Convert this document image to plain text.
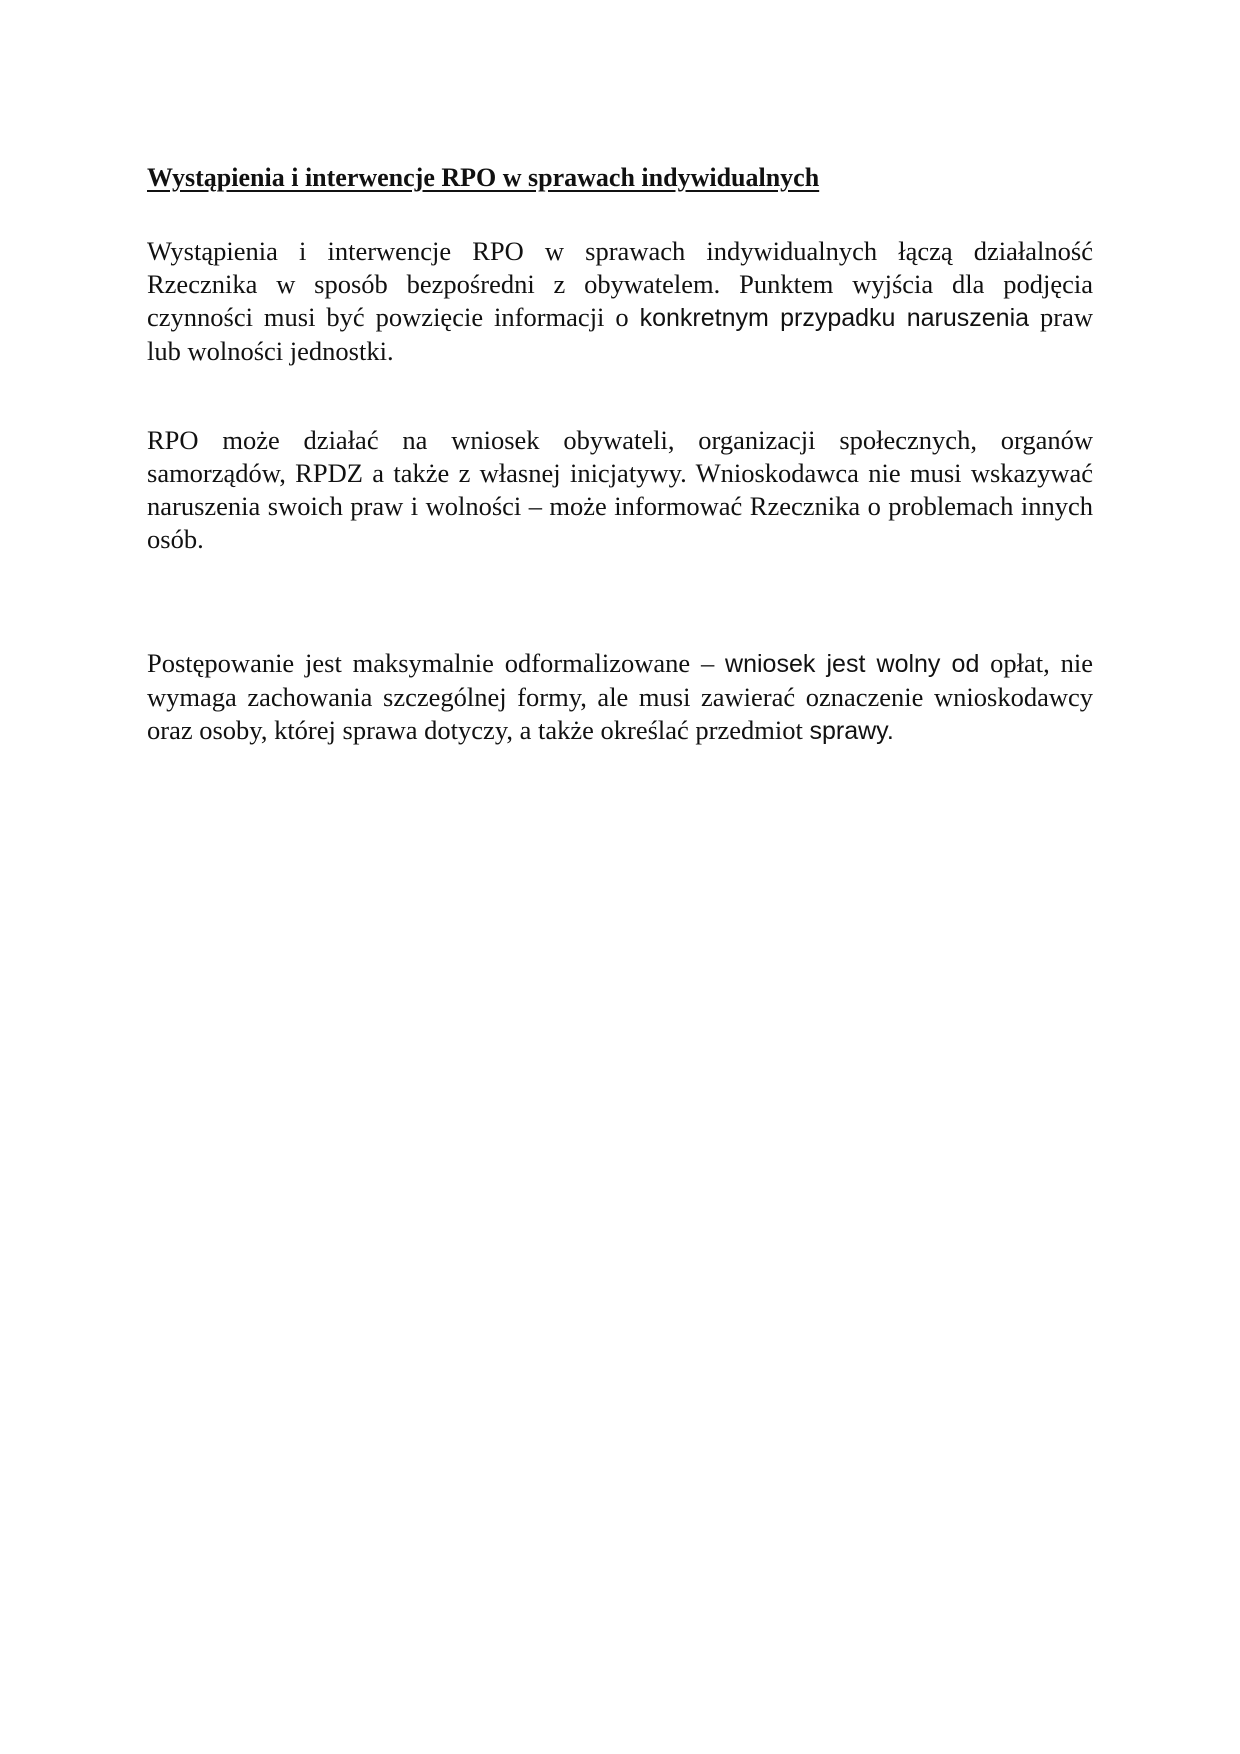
Wystąpienia i interwencje RPO w sprawach indywidualnych

Wystąpienia i interwencje RPO w sprawach indywidualnych łączą działalność Rzecznika w sposób bezpośredni z obywatelem. Punktem wyjścia dla podjęcia czynności musi być powzięcie informacji o konkretnym przypadku naruszenia praw lub wolności jednostki.

RPO może działać na wniosek obywateli, organizacji społecznych, organów samorządów, RPDZ a także z własnej inicjatywy. Wnioskodawca nie musi wskazywać naruszenia swoich praw i wolności – może informować Rzecznika o problemach innych osób.

Postępowanie jest maksymalnie odformalizowane – wniosek jest wolny od opłat, nie wymaga zachowania szczególnej formy, ale musi zawierać oznaczenie wnioskodawcy oraz osoby, której sprawa dotyczy, a także określać przedmiot sprawy.
